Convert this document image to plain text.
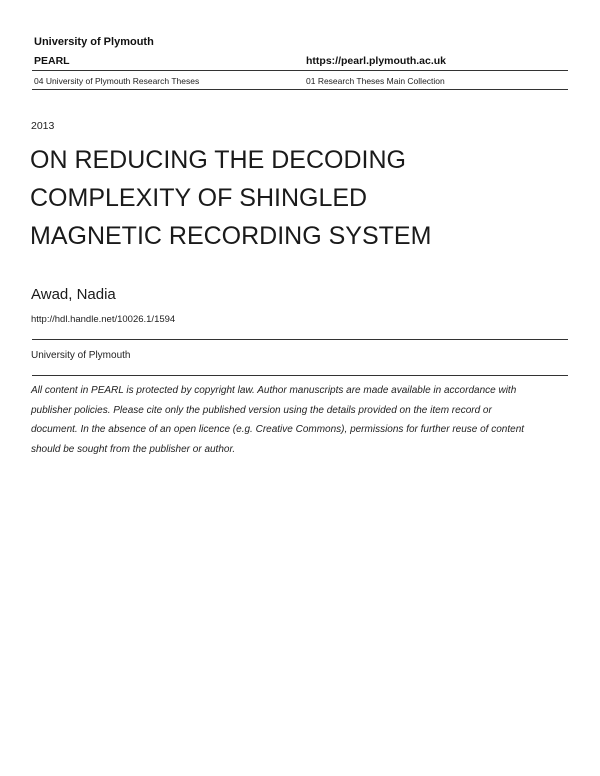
University of Plymouth
PEARL	https://pearl.plymouth.ac.uk
04 University of Plymouth Research Theses	01 Research Theses Main Collection
2013
ON REDUCING THE DECODING
COMPLEXITY OF SHINGLED
MAGNETIC RECORDING SYSTEM
Awad, Nadia
http://hdl.handle.net/10026.1/1594
University of Plymouth
All content in PEARL is protected by copyright law. Author manuscripts are made available in accordance with
publisher policies. Please cite only the published version using the details provided on the item record or
document. In the absence of an open licence (e.g. Creative Commons), permissions for further reuse of content
should be sought from the publisher or author.
